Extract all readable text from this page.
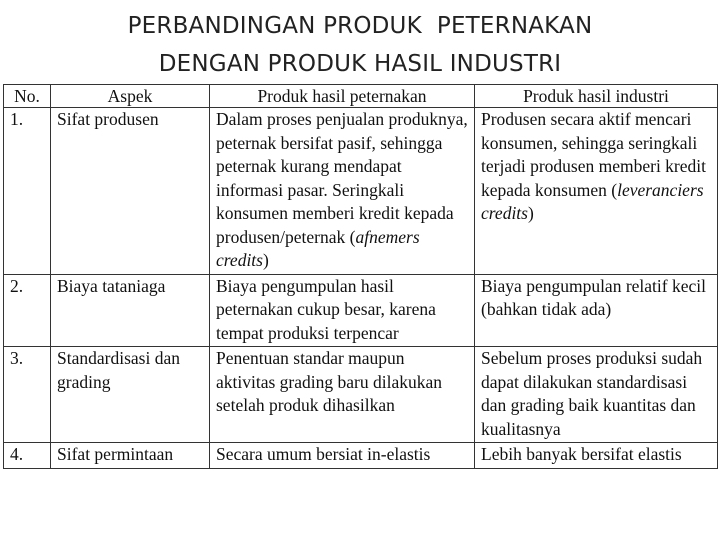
PERBANDINGAN PRODUK  PETERNAKAN
DENGAN PRODUK HASIL INDUSTRI
No.	Aspek	Produk hasil peternakan	Produk hasil industri
1.	Sifat produsen	Dalam proses penjualan produknya, peternak bersifat pasif, sehingga peternak kurang mendapat informasi pasar. Seringkali konsumen memberi kredit kepada produsen/peternak (afnemers credits)	Produsen secara aktif mencari konsumen, sehingga seringkali terjadi produsen memberi kredit kepada konsumen (leveranciers credits)
2.	Biaya tataniaga	Biaya pengumpulan hasil peternakan cukup besar, karena tempat produksi terpencar	Biaya pengumpulan relatif kecil (bahkan tidak ada)
3.	Standardisasi dan grading	Penentuan standar maupun aktivitas grading baru dilakukan setelah produk dihasilkan	Sebelum proses produksi sudah dapat dilakukan standardisasi dan grading baik kuantitas dan kualitasnya
4.	Sifat permintaan	Secara umum bersiat in-elastis	Lebih banyak bersifat elastis
